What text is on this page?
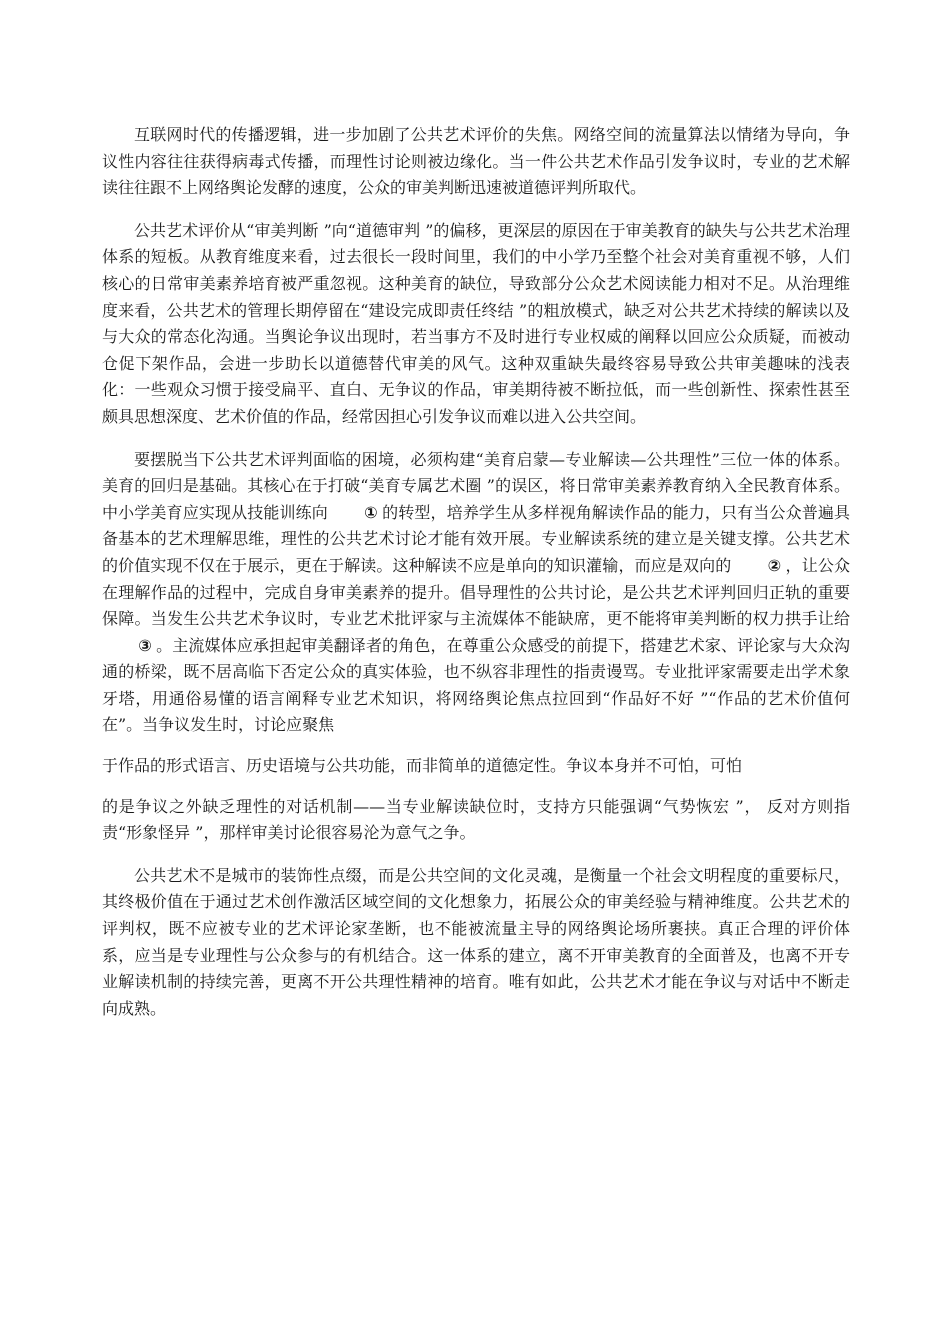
互联网时代的传播逻辑，进一步加剧了公共艺术评价的失焦。网络空间的流量算法以情绪为导向，争议性内容往往获得病毒式传播，而理性讨论则被边缘化。当一件公共艺术作品引发争议时，专业的艺术解读往往跟不上网络舆论发酵的速度，公众的审美判断迅速被道德评判所取代。

公共艺术评价从“审美判断 ”向“道德审判 ”的偏移，更深层的原因在于审美教育的缺失与公共艺术治理体系的短板。从教育维度来看，过去很长一段时间里，我们的中小学乃至整个社会对美育重视不够，人们核心的日常审美素养培育被严重忽视。这种美育的缺位，导致部分公众艺术阅读能力相对不足。从治理维度来看，公共艺术的管理长期停留在“建设完成即责任终结 ”的粗放模式，缺乏对公共艺术持续的解读以及与大众的常态化沟通。当舆论争议出现时，若当事方不及时进行专业权威的阐释以回应公众质疑，而被动仓促下架作品，会进一步助长以道德替代审美的风气。这种双重缺失最终容易导致公共审美趣味的浅表化：一些观众习惯于接受扁平、直白、无争议的作品，审美期待被不断拉低，而一些创新性、探索性甚至颇具思想深度、艺术价值的作品，经常因担心引发争议而难以进入公共空间。

要摆脱当下公共艺术评判面临的困境，必须构建“美育启蒙—专业解读—公共理性”三位一体的体系。美育的回归是基础。其核心在于打破“美育专属艺术圈 ”的误区，将日常审美素养教育纳入全民教育体系。中小学美育应实现从技能训练向 ① 的转型，培养学生从多样视角解读作品的能力，只有当公众普遍具备基本的艺术理解思维，理性的公共艺术讨论才能有效开展。专业解读系统的建立是关键支撑。公共艺术的价值实现不仅在于展示，更在于解读。这种解读不应是单向的知识灌输，而应是双向的 ② ，让公众在理解作品的过程中，完成自身审美素养的提升。倡导理性的公共讨论，是公共艺术评判回归正轨的重要保障。当发生公共艺术争议时，专业艺术批评家与主流媒体不能缺席，更不能将审美判断的权力拱手让给③ 。主流媒体应承担起审美翻译者的角色，在尊重公众感受的前提下，搭建艺术家、评论家与大众沟通的桥梁，既不居高临下否定公众的真实体验，也不纵容非理性的指责谩骂。专业批评家需要走出学术象牙塔，用通俗易懂的语言阐释专业艺术知识，将网络舆论焦点拉回到“作品好不好 ”“作品的艺术价值何在”。当争议发生时，讨论应聚焦

于作品的形式语言、历史语境与公共功能，而非简单的道德定性。争议本身并不可怕，可怕

的是争议之外缺乏理性的对话机制——当专业解读缺位时，支持方只能强调“气势恢宏 ”， 反对方则指责“形象怪异 ”，那样审美讨论很容易沦为意气之争。

公共艺术不是城市的装饰性点缀，而是公共空间的文化灵魂，是衡量一个社会文明程度的重要标尺，其终极价值在于通过艺术创作激活区域空间的文化想象力，拓展公众的审美经验与精神维度。公共艺术的评判权，既不应被专业的艺术评论家垄断，也不能被流量主导的网络舆论场所裹挟。真正合理的评价体系，应当是专业理性与公众参与的有机结合。这一体系的建立，离不开审美教育的全面普及，也离不开专业解读机制的持续完善，更离不开公共理性精神的培育。唯有如此，公共艺术才能在争议与对话中不断走向成熟。
